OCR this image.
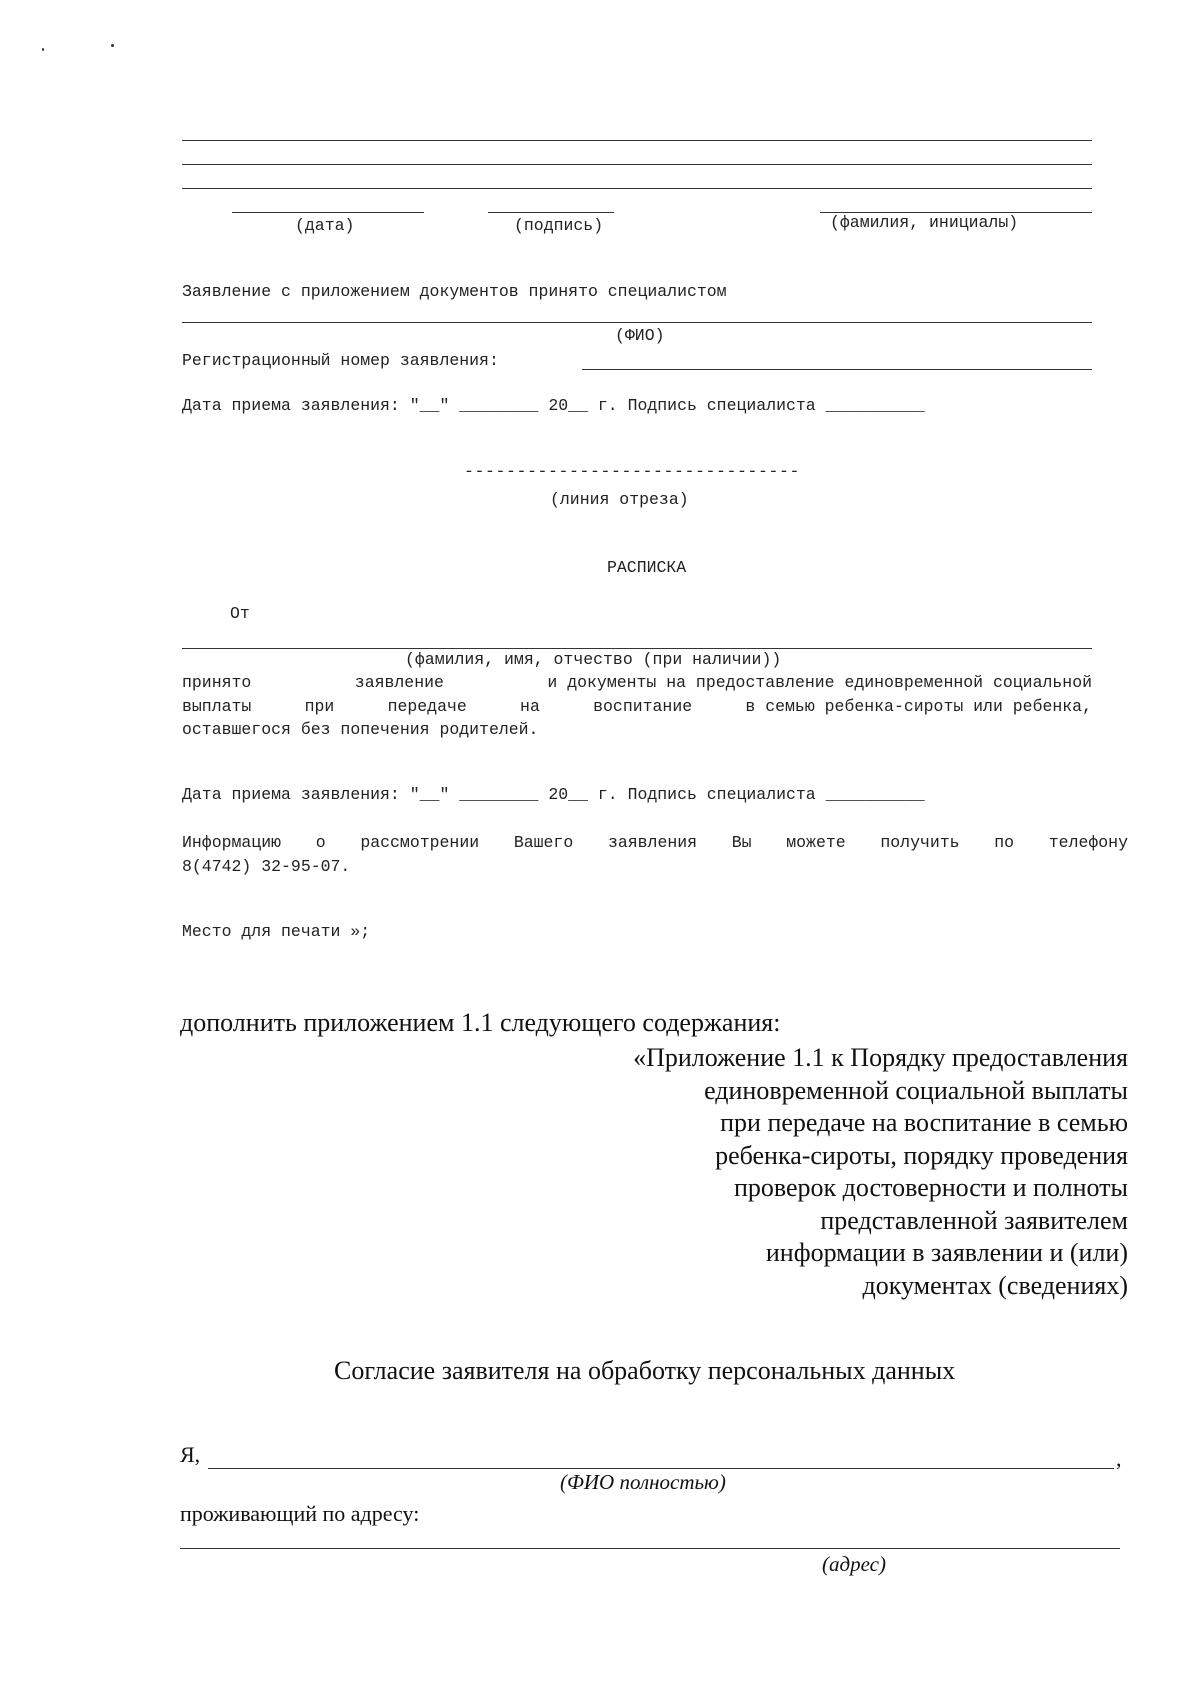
(дата)	(подпись)	(фамилия, инициалы)
Заявление с приложением документов принято специалистом
(ФИО)
Регистрационный номер заявления:
Дата приема заявления: "__" ________ 20__ г. Подпись специалиста __________
--------------------------------
(линия отреза)
РАСПИСКА
От
(фамилия, имя, отчество (при наличии))
принято	заявление	и документы на предоставление единовременной социальной
выплаты	при	передаче	на	воспитание	в семью ребенка-сироты или ребенка,
оставшегося без попечения родителей.
Дата приема заявления: "__" ________ 20__ г. Подпись специалиста __________
Информацию о рассмотрении Вашего заявления Вы можете получить по телефону
8(4742) 32-95-07.
Место для печати »;
дополнить приложением 1.1 следующего содержания:
«Приложение 1.1 к Порядку предоставления
единовременной социальной выплаты
при передаче на воспитание в семью
ребенка-сироты, порядку проведения
проверок достоверности и полноты
представленной заявителем
информации в заявлении и (или)
документах (сведениях)
Согласие заявителя на обработку персональных данных
Я,	,
(ФИО полностью)
проживающий по адресу:
(адрес)
